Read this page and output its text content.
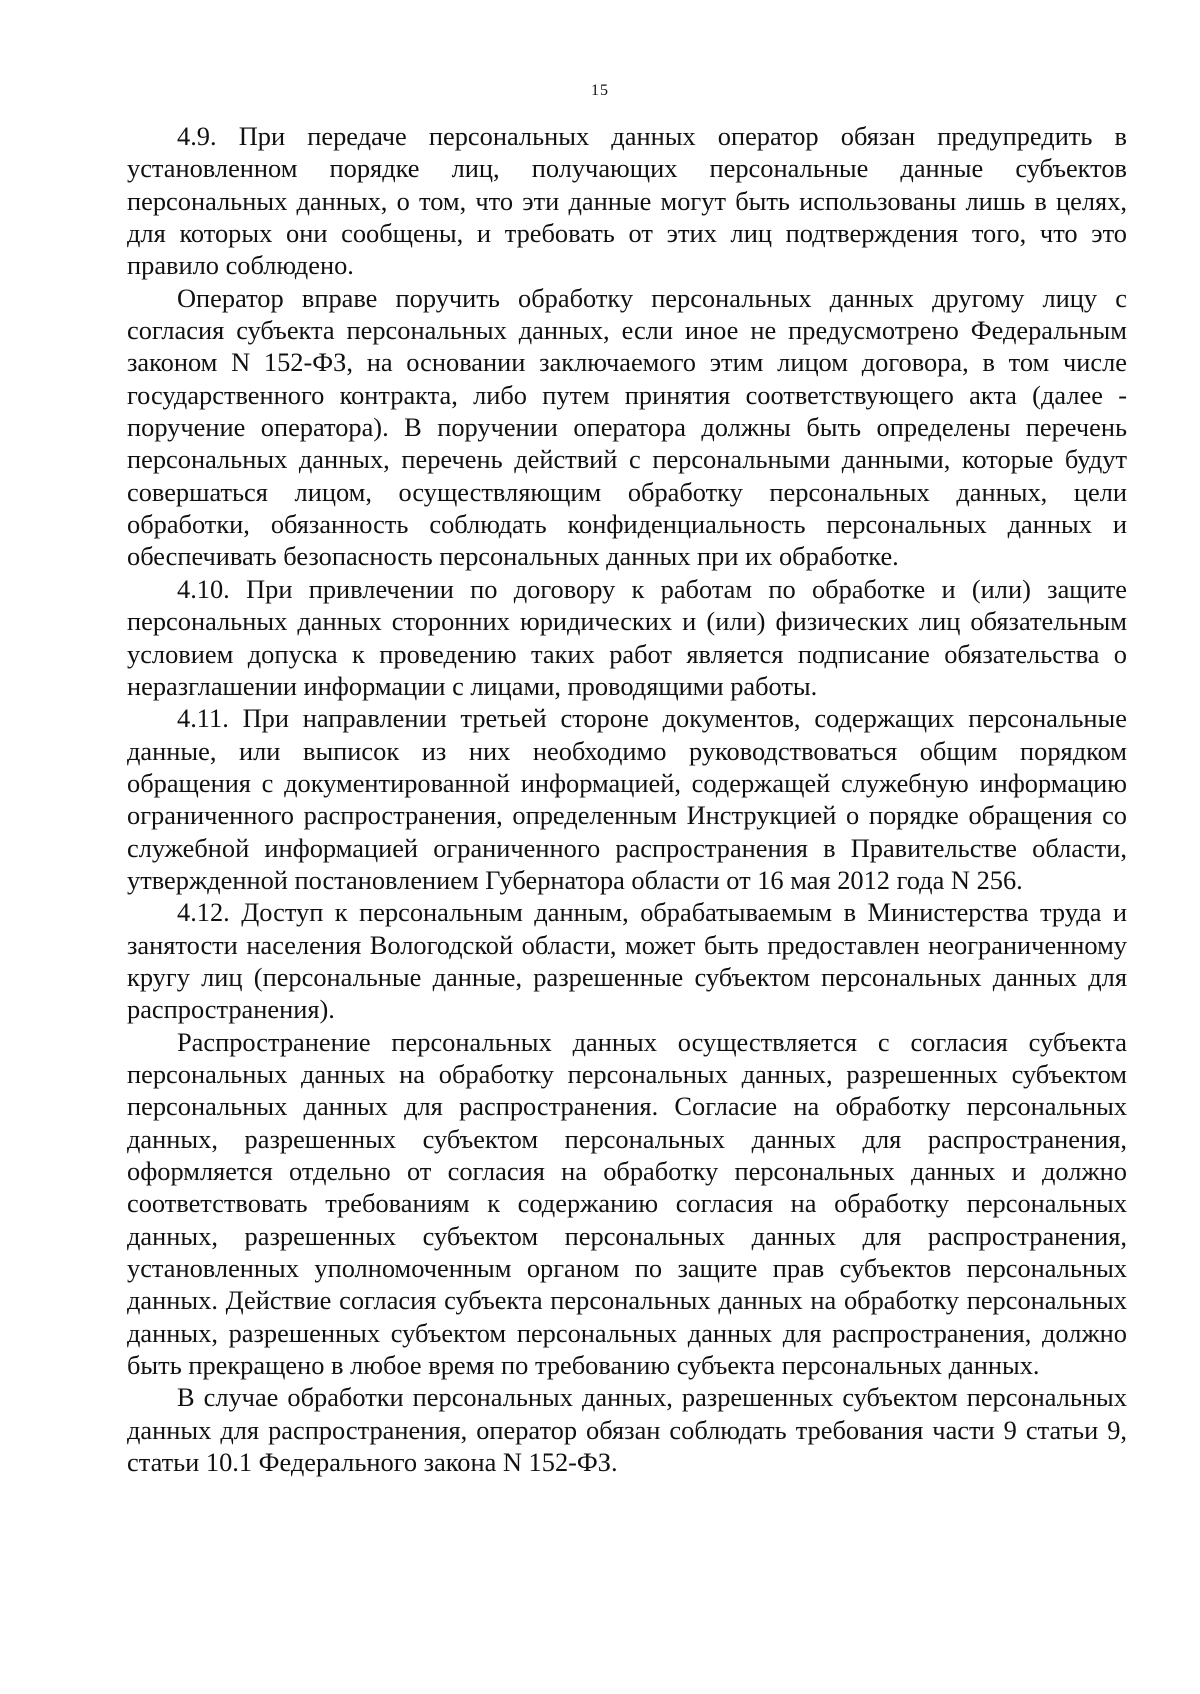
15

4.9. При передаче персональных данных оператор обязан предупредить в установленном порядке лиц, получающих персональные данные субъектов персональных данных, о том, что эти данные могут быть использованы лишь в целях, для которых они сообщены, и требовать от этих лиц подтверждения того, что это правило соблюдено.

Оператор вправе поручить обработку персональных данных другому лицу с согласия субъекта персональных данных, если иное не предусмотрено Федеральным законом N 152-ФЗ, на основании заключаемого этим лицом договора, в том числе государственного контракта, либо путем принятия соответствующего акта (далее - поручение оператора). В поручении оператора должны быть определены перечень персональных данных, перечень действий с персональными данными, которые будут совершаться лицом, осуществляющим обработку персональных данных, цели обработки, обязанность соблюдать конфиденциальность персональных данных и обеспечивать безопасность персональных данных при их обработке.

4.10. При привлечении по договору к работам по обработке и (или) защите персональных данных сторонних юридических и (или) физических лиц обязательным условием допуска к проведению таких работ является подписание обязательства о неразглашении информации с лицами, проводящими работы.

4.11. При направлении третьей стороне документов, содержащих персональные данные, или выписок из них необходимо руководствоваться общим порядком обращения с документированной информацией, содержащей служебную информацию ограниченного распространения, определенным Инструкцией о порядке обращения со служебной информацией ограниченного распространения в Правительстве области, утвержденной постановлением Губернатора области от 16 мая 2012 года N 256.

4.12. Доступ к персональным данным, обрабатываемым в Министерства труда и занятости населения Вологодской области, может быть предоставлен неограниченному кругу лиц (персональные данные, разрешенные субъектом персональных данных для распространения).

Распространение персональных данных осуществляется с согласия субъекта персональных данных на обработку персональных данных, разрешенных субъектом персональных данных для распространения. Согласие на обработку персональных данных, разрешенных субъектом персональных данных для распространения, оформляется отдельно от согласия на обработку персональных данных и должно соответствовать требованиям к содержанию согласия на обработку персональных данных, разрешенных субъектом персональных данных для распространения, установленных уполномоченным органом по защите прав субъектов персональных данных. Действие согласия субъекта персональных данных на обработку персональных данных, разрешенных субъектом персональных данных для распространения, должно быть прекращено в любое время по требованию субъекта персональных данных.

В случае обработки персональных данных, разрешенных субъектом персональных данных для распространения, оператор обязан соблюдать требования части 9 статьи 9, статьи 10.1 Федерального закона N 152-ФЗ.
